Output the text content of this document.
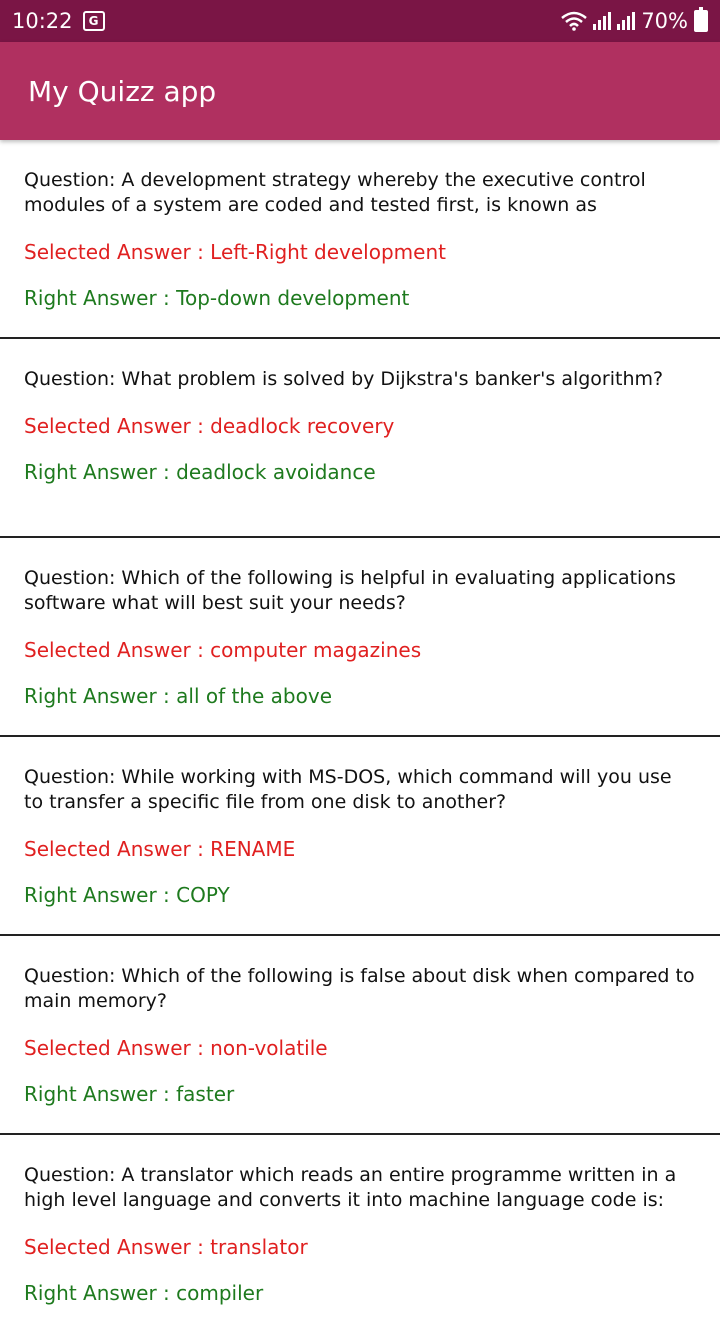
10:22	G	70%
My Quizz app

Question: A development strategy whereby the executive control modules of a system are coded and tested first, is known as

Selected Answer : Left-Right development
Right Answer : Top-down development

Question: What problem is solved by Dijkstra's banker's algorithm?

Selected Answer : deadlock recovery
Right Answer : deadlock avoidance

Question: Which of the following is helpful in evaluating applications software what will best suit your needs?

Selected Answer : computer magazines
Right Answer : all of the above

Question: While working with MS-DOS, which command will you use to transfer a specific file from one disk to another?

Selected Answer : RENAME
Right Answer : COPY

Question: Which of the following is false about disk when compared to main memory?

Selected Answer : non-volatile
Right Answer : faster

Question: A translator which reads an entire programme written in a high level language and converts it into machine language code is:

Selected Answer : translator
Right Answer : compiler
